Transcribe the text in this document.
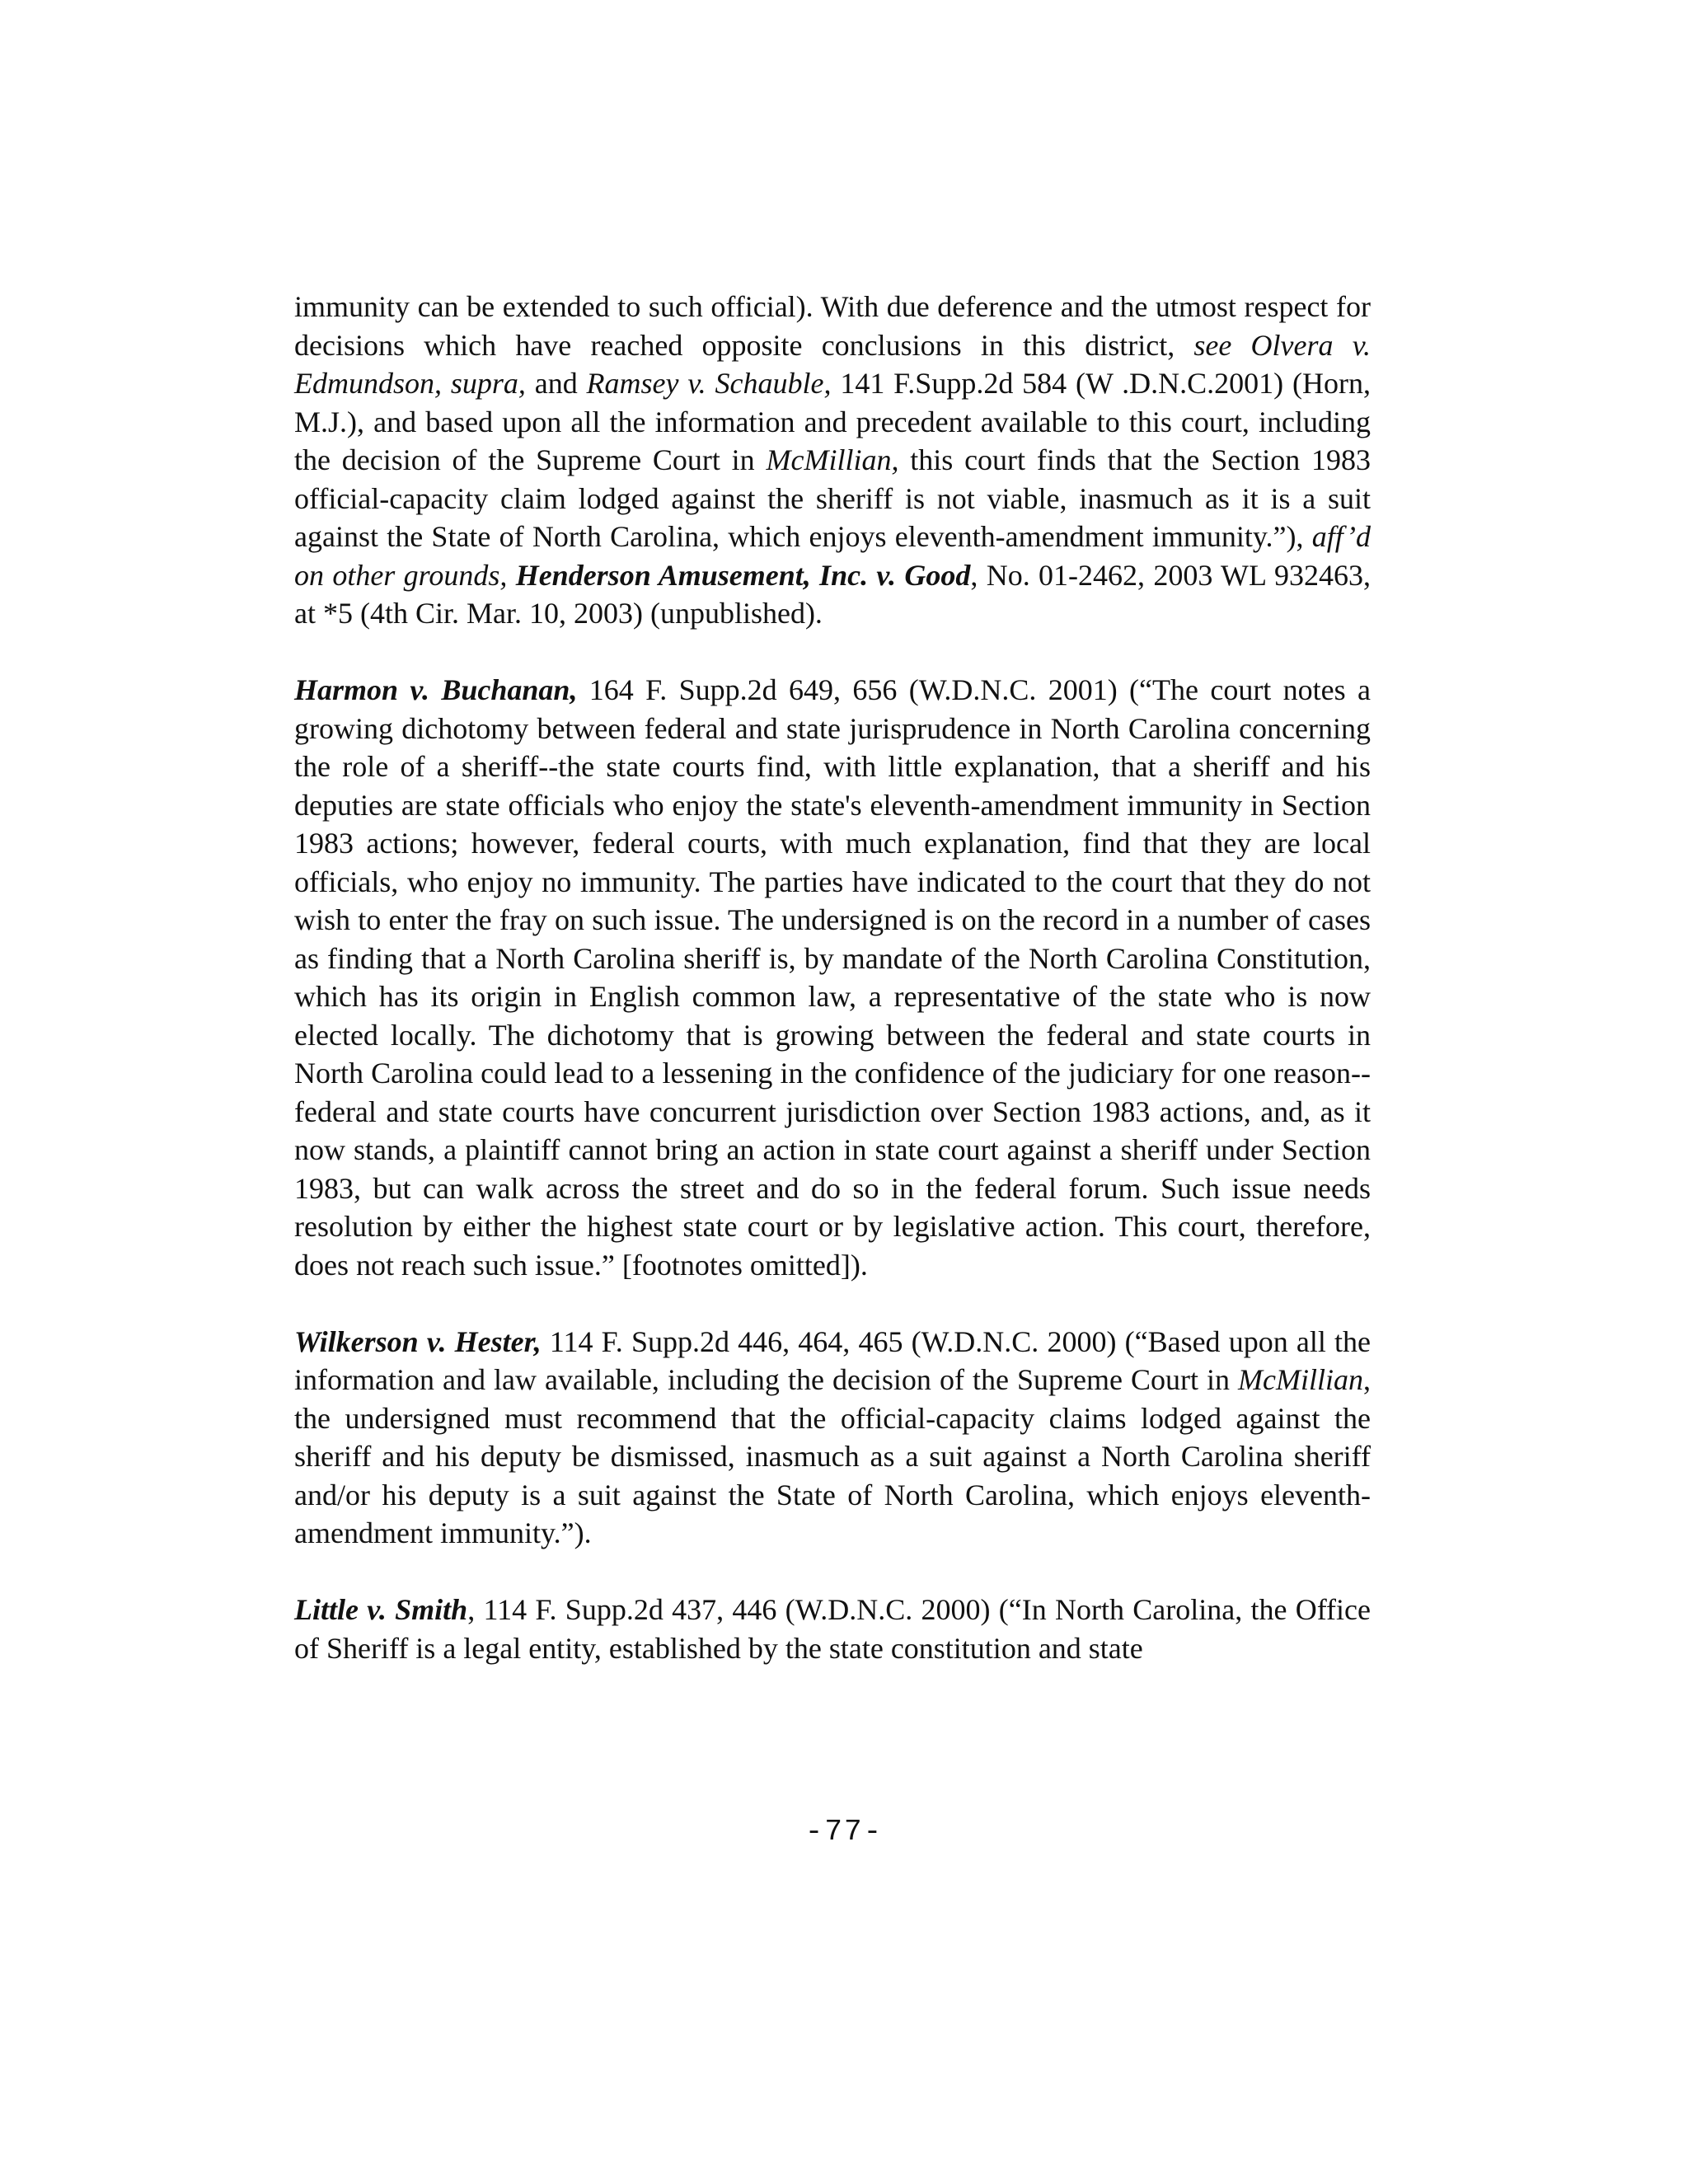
immunity can be extended to such official). With due deference and the utmost respect for decisions which have reached opposite conclusions in this district, see Olvera v. Edmundson, supra, and Ramsey v. Schauble, 141 F.Supp.2d 584 (W .D.N.C.2001) (Horn, M.J.), and based upon all the information and precedent available to this court, including the decision of the Supreme Court in McMillian, this court finds that the Section 1983 official-capacity claim lodged against the sheriff is not viable, inasmuch as it is a suit against the State of North Carolina, which enjoys eleventh-amendment immunity.”), aff’d on other grounds, Henderson Amusement, Inc. v. Good, No. 01-2462, 2003 WL 932463, at *5 (4th Cir. Mar. 10, 2003) (unpublished).

Harmon v. Buchanan, 164 F. Supp.2d 649, 656 (W.D.N.C. 2001) (“The court notes a growing dichotomy between federal and state jurisprudence in North Carolina concerning the role of a sheriff--the state courts find, with little explanation, that a sheriff and his deputies are state officials who enjoy the state's eleventh-amendment immunity in Section 1983 actions; however, federal courts, with much explanation, find that they are local officials, who enjoy no immunity. The parties have indicated to the court that they do not wish to enter the fray on such issue. The undersigned is on the record in a number of cases as finding that a North Carolina sheriff is, by mandate of the North Carolina Constitution, which has its origin in English common law, a representative of the state who is now elected locally. The dichotomy that is growing between the federal and state courts in North Carolina could lead to a lessening in the confidence of the judiciary for one reason--federal and state courts have concurrent jurisdiction over Section 1983 actions, and, as it now stands, a plaintiff cannot bring an action in state court against a sheriff under Section 1983, but can walk across the street and do so in the federal forum. Such issue needs resolution by either the highest state court or by legislative action. This court, therefore, does not reach such issue.” [footnotes omitted]).

Wilkerson v. Hester, 114 F. Supp.2d 446, 464, 465 (W.D.N.C. 2000) (“Based upon all the information and law available, including the decision of the Supreme Court in McMillian, the undersigned must recommend that the official-capacity claims lodged against the sheriff and his deputy be dismissed, inasmuch as a suit against a North Carolina sheriff and/or his deputy is a suit against the State of North Carolina, which enjoys eleventh- amendment immunity.”).

Little v. Smith, 114 F. Supp.2d 437, 446 (W.D.N.C. 2000) (“In North Carolina, the Office of Sheriff is a legal entity, established by the state constitution and state

-77-
